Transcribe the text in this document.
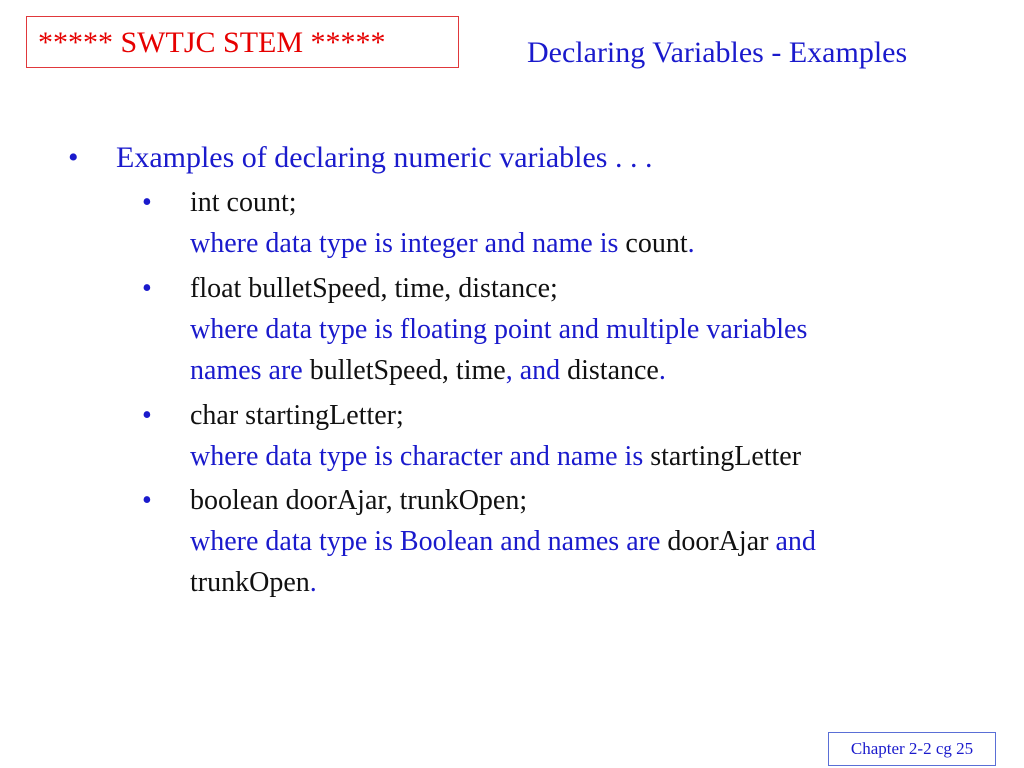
***** SWTJC STEM *****	Declaring Variables - Examples
• Examples of declaring numeric variables . . .
• int count;
where data type is integer and name is count.
• float bulletSpeed, time, distance;
where data type is floating point and multiple variables
names are bulletSpeed, time, and distance.
• char startingLetter;
where data type is character and name is startingLetter
• boolean doorAjar, trunkOpen;
where data type is Boolean and names are doorAjar and
trunkOpen.
Chapter 2-2 cg 25
